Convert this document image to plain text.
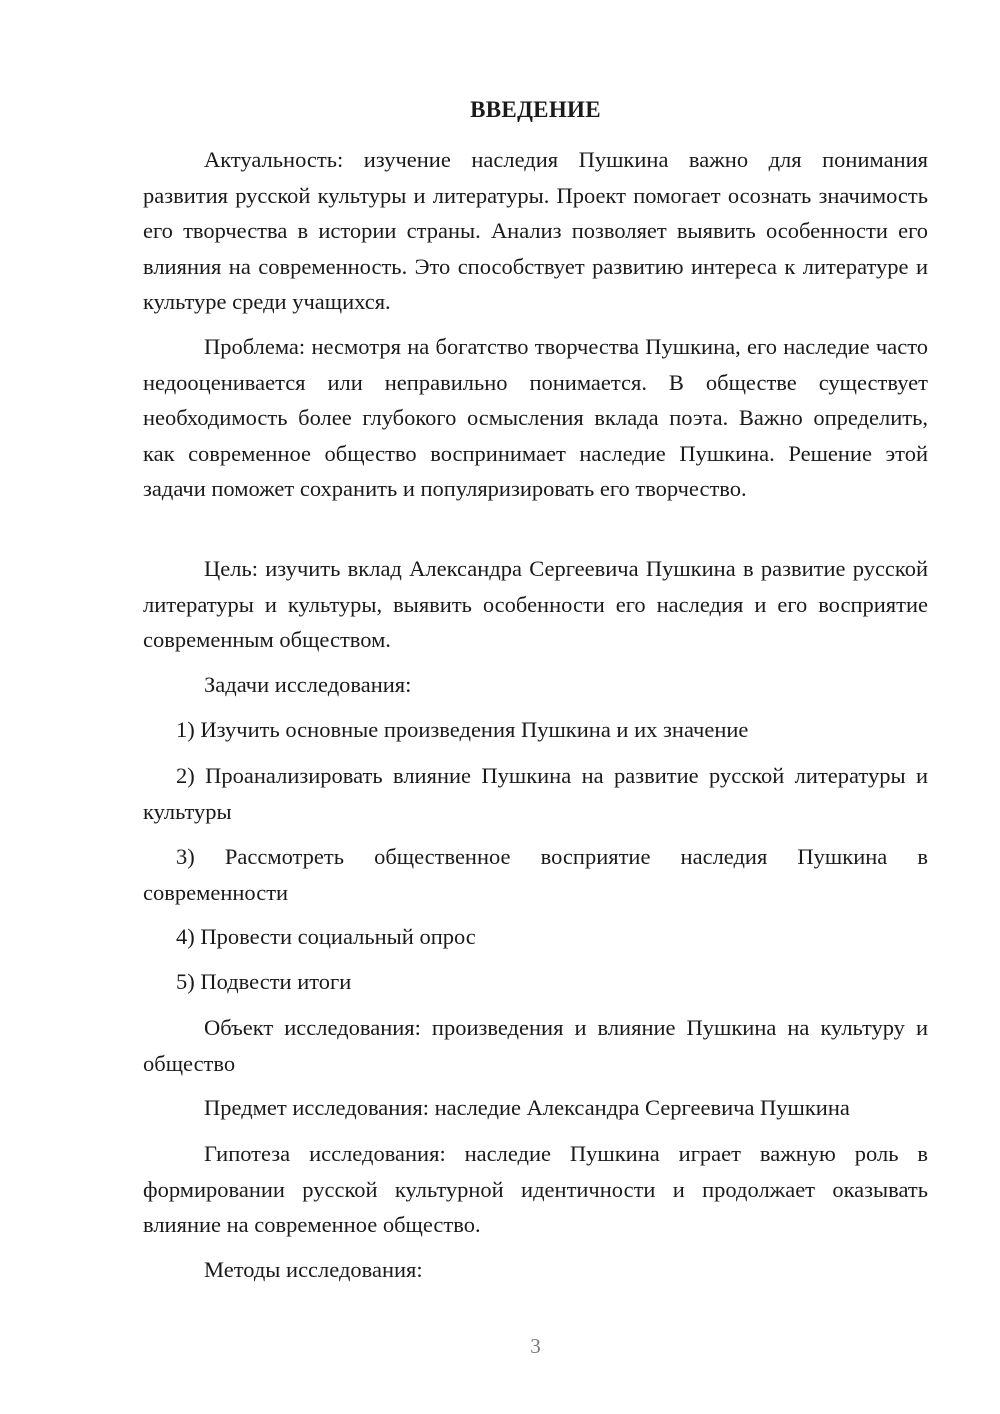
ВВЕДЕНИЕ

Актуальность: изучение наследия Пушкина важно для понимания развития русской культуры и литературы. Проект помогает осознать значимость его творчества в истории страны. Анализ позволяет выявить особенности его влияния на современность. Это способствует развитию интереса к литературе и культуре среди учащихся.

Проблема: несмотря на богатство творчества Пушкина, его наследие часто недооценивается или неправильно понимается. В обществе существует необходимость более глубокого осмысления вклада поэта. Важно определить, как современное общество воспринимает наследие Пушкина. Решение этой задачи поможет сохранить и популяризировать его творчество.

Цель: изучить вклад Александра Сергеевича Пушкина в развитие русской литературы и культуры, выявить особенности его наследия и его восприятие современным обществом.

Задачи исследования:

1) Изучить основные произведения Пушкина и их значение

2) Проанализировать влияние Пушкина на развитие русской литературы и культуры

3) Рассмотреть общественное восприятие наследия Пушкина в современности

4) Провести социальный опрос

5) Подвести итоги

Объект исследования: произведения и влияние Пушкина на культуру и общество

Предмет исследования: наследие Александра Сергеевича Пушкина

Гипотеза исследования: наследие Пушкина играет важную роль в формировании русской культурной идентичности и продолжает оказывать влияние на современное общество.

Методы исследования:

3
